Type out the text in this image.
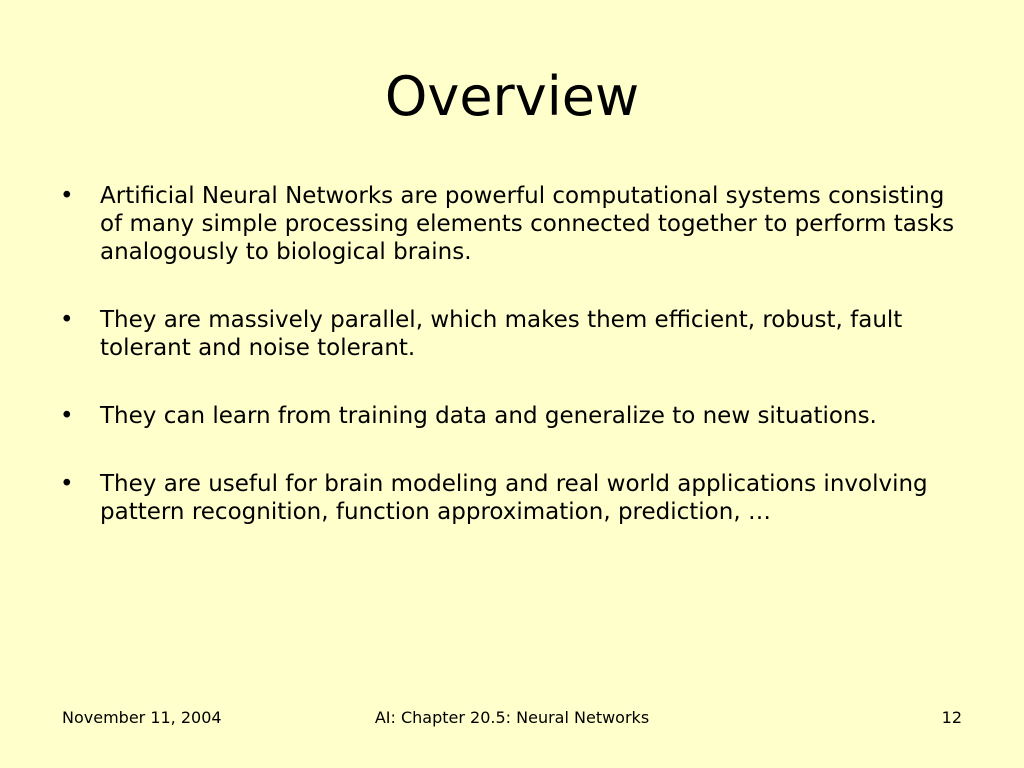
Overview
• Artificial Neural Networks are powerful computational systems consisting of many simple processing elements connected together to perform tasks analogously to biological brains.
• They are massively parallel, which makes them efficient, robust, fault tolerant and noise tolerant.
• They can learn from training data and generalize to new situations.
• They are useful for brain modeling and real world applications involving pattern recognition, function approximation, prediction, …
November 11, 2004	AI: Chapter 20.5: Neural Networks	12
